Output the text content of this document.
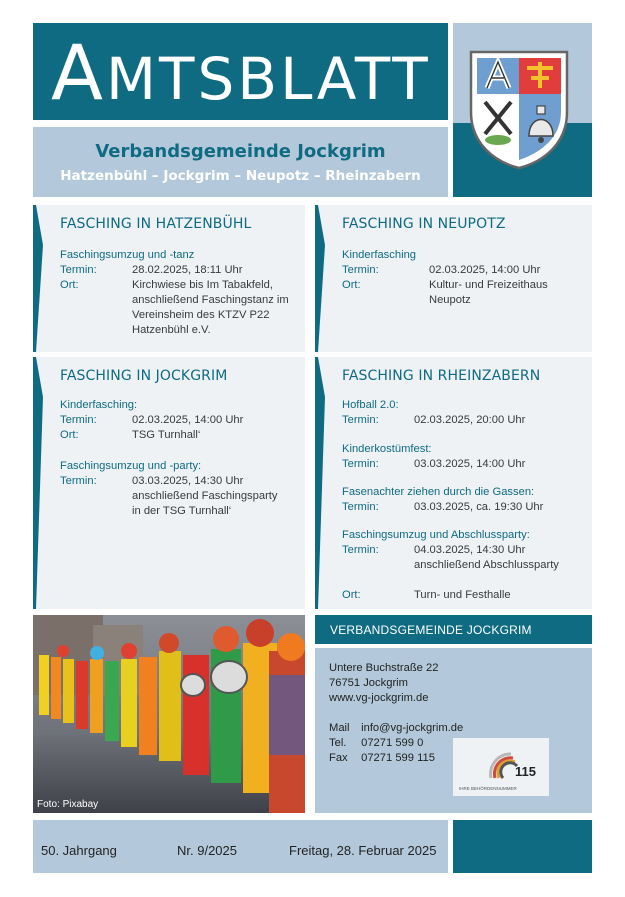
AMTSBLATT
Verbandsgemeinde Jockgrim
Hatzenbühl – Jockgrim – Neupotz – Rheinzabern
FASCHING IN HATZENBÜHL
Faschingsumzug und -tanz
Termin:	28.02.2025, 18:11 Uhr
Ort:	Kirchwiese bis Im Tabakfeld,
anschließend Faschingstanz im
Vereinsheim des KTZV P22
Hatzenbühl e.V.
FASCHING IN NEUPOTZ
Kinderfasching
Termin:	02.03.2025, 14:00 Uhr
Ort:	Kultur- und Freizeithaus
Neupotz
FASCHING IN JOCKGRIM
Kinderfasching:
Termin:	02.03.2025, 14:00 Uhr
Ort:	TSG Turnhall‘
Faschingsumzug und -party:
Termin:	03.03.2025, 14:30 Uhr
anschließend Faschingsparty
in der TSG Turnhall‘
FASCHING IN RHEINZABERN
Hofball 2.0:
Termin:	02.03.2025, 20:00 Uhr
Kinderkostümfest:
Termin:	03.03.2025, 14:00 Uhr
Fasenachter ziehen durch die Gassen:
Termin:	03.03.2025, ca. 19:30 Uhr
Faschingsumzug und Abschlussparty:
Termin:	04.03.2025, 14:30 Uhr
anschließend Abschlussparty
Ort:	Turn- und Festhalle
Foto: Pixabay
VERBANDSGEMEINDE JOCKGRIM
Untere Buchstraße 22
76751 Jockgrim
www.vg-jockgrim.de
Mail info@vg-jockgrim.de
Tel. 07271 599 0
Fax 07271 599 115
115
IHRE BEHÖRDENNUMMER
50. Jahrgang	Nr. 9/2025	Freitag, 28. Februar 2025
